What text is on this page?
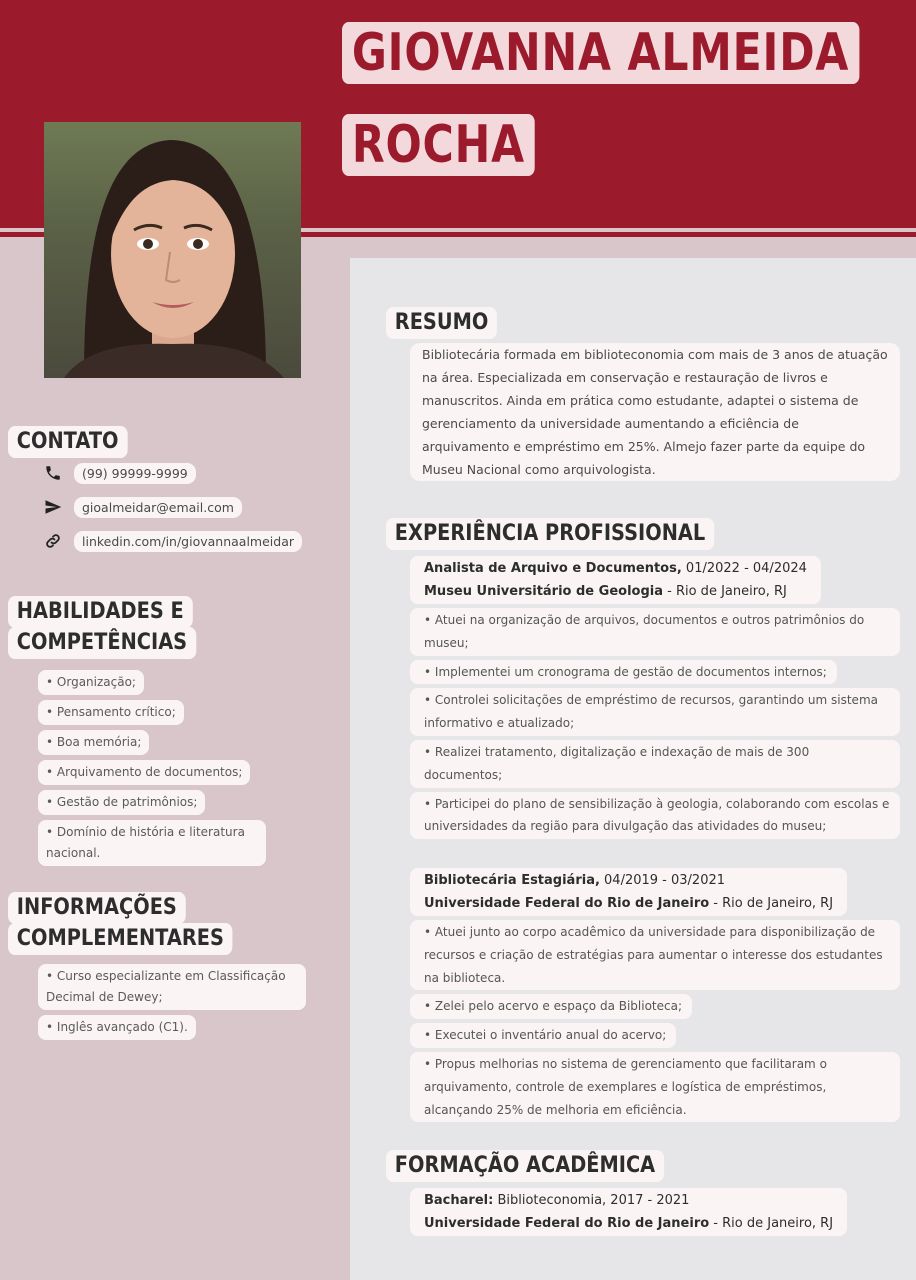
GIOVANNA ALMEIDA
ROCHA
CONTATO
(99) 99999-9999
gioalmeidar@email.com
linkedin.com/in/giovannaalmeidar
HABILIDADES E
COMPETÊNCIAS
• Organização;
• Pensamento crítico;
• Boa memória;
• Arquivamento de documentos;
• Gestão de patrimônios;
• Domínio de história e literatura nacional.
INFORMAÇÕES
COMPLEMENTARES
• Curso especializante em Classificação Decimal de Dewey;
• Inglês avançado (C1).
RESUMO
Bibliotecária formada em biblioteconomia com mais de 3 anos de atuação na área. Especializada em conservação e restauração de livros e manuscritos. Ainda em prática como estudante, adaptei o sistema de gerenciamento da universidade aumentando a eficiência de arquivamento e empréstimo em 25%. Almejo fazer parte da equipe do Museu Nacional como arquivologista.
EXPERIÊNCIA PROFISSIONAL
Analista de Arquivo e Documentos, 01/2022 - 04/2024
Museu Universitário de Geologia - Rio de Janeiro, RJ
• Atuei na organização de arquivos, documentos e outros patrimônios do museu;
• Implementei um cronograma de gestão de documentos internos;
• Controlei solicitações de empréstimo de recursos, garantindo um sistema informativo e atualizado;
• Realizei tratamento, digitalização e indexação de mais de 300 documentos;
• Participei do plano de sensibilização à geologia, colaborando com escolas e universidades da região para divulgação das atividades do museu;
Bibliotecária Estagiária, 04/2019 - 03/2021
Universidade Federal do Rio de Janeiro - Rio de Janeiro, RJ
• Atuei junto ao corpo acadêmico da universidade para disponibilização de recursos e criação de estratégias para aumentar o interesse dos estudantes na biblioteca.
• Zelei pelo acervo e espaço da Biblioteca;
• Executei o inventário anual do acervo;
• Propus melhorias no sistema de gerenciamento que facilitaram o arquivamento, controle de exemplares e logística de empréstimos, alcançando 25% de melhoria em eficiência.
FORMAÇÃO ACADÊMICA
Bacharel: Biblioteconomia, 2017 - 2021
Universidade Federal do Rio de Janeiro - Rio de Janeiro, RJ
